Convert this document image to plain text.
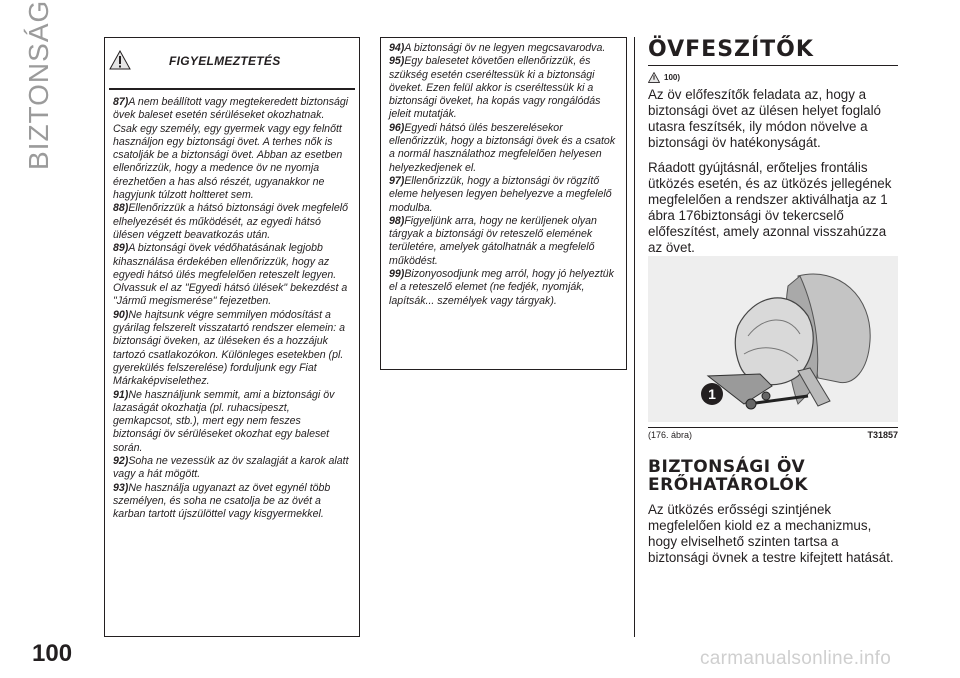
BIZTONSÁG	FIGYELMEZTETÉS

87)A nem beállított vagy megtekeredett biztonsági övek baleset esetén sérüléseket okozhatnak. Csak egy személy, egy gyermek vagy egy felnőtt használjon egy biztonsági övet. A terhes nők is csatolják be a biztonsági övet. Abban az esetben ellenőrizzük, hogy a medence öv ne nyomja érezhetően a has alsó részét, ugyanakkor ne hagyjunk túlzott holtteret sem.

88)Ellenőrizzük a hátsó biztonsági övek megfelelő elhelyezését és működését, az egyedi hátsó ülésen végzett beavatkozás után.

89)A biztonsági övek védőhatásának legjobb kihasználása érdekében ellenőrizzük, hogy az egyedi hátsó ülés megfelelően reteszelt legyen. Olvassuk el az "Egyedi hátsó ülések" bekezdést a "Jármű megismerése" fejezetben.

90)Ne hajtsunk végre semmilyen módosítást a gyárilag felszerelt visszatartó rendszer elemein: a biztonsági öveken, az üléseken és a hozzájuk tartozó csatlakozókon. Különleges esetekben (pl. gyerekülés felszerelése) forduljunk egy Fiat Márkaképviselethez.

91)Ne használjunk semmit, ami a biztonsági öv lazaságát okozhatja (pl. ruhacsipeszt, gemkapcsot, stb.), mert egy nem feszes biztonsági öv sérüléseket okozhat egy baleset során.

92)Soha ne vezessük az öv szalagját a karok alatt vagy a hát mögött.

93)Ne használja ugyanazt az övet egynél több személyen, és soha ne csatolja be az övét a karban tartott újszülöttel vagy kisgyermekkel.

94)A biztonsági öv ne legyen megcsavarodva.

95)Egy balesetet követően ellenőrizzük, és szükség esetén cseréltessük ki a biztonsági öveket. Ezen felül akkor is cseréltessük ki a biztonsági öveket, ha kopás vagy rongálódás jeleit mutatják.

96)Egyedi hátsó ülés beszerelésekor ellenőrizzük, hogy a biztonsági övek és a csatok a normál használathoz megfelelően helyesen helyezkedjenek el.

97)Ellenőrizzük, hogy a biztonsági öv rögzítő eleme helyesen legyen behelyezve a megfelelő modulba.

98)Figyeljünk arra, hogy ne kerüljenek olyan tárgyak a biztonsági öv reteszelő elemének területére, amelyek gátolhatnák a megfelelő működést.

99)Bizonyosodjunk meg arról, hogy jó helyeztük el a reteszelő elemet (ne fedjék, nyomják, lapítsák... személyek vagy tárgyak).

ÖVFESZÍTŐK
100)

Az öv előfeszítők feladata az, hogy a biztonsági övet az ülésen helyet foglaló utasra feszítsék, ily módon növelve a biztonsági öv hatékonyságát.

Ráadott gyújtásnál, erőteljes frontális ütközés esetén, és az ütközés jellegének megfelelően a rendszer aktiválhatja az 1 ábra 176biztonsági öv tekercselő előfeszítést, amely azonnal visszahúzza az övet.

1
(176. ábra)	T31857
BIZTONSÁGI ÖV ERŐHATÁROLÓK

Az ütközés erősségi szintjének megfelelően kiold ez a mechanizmus, hogy elviselhető szinten tartsa a biztonsági övnek a testre kifejtett hatását.

100	carmanualsonline.info
